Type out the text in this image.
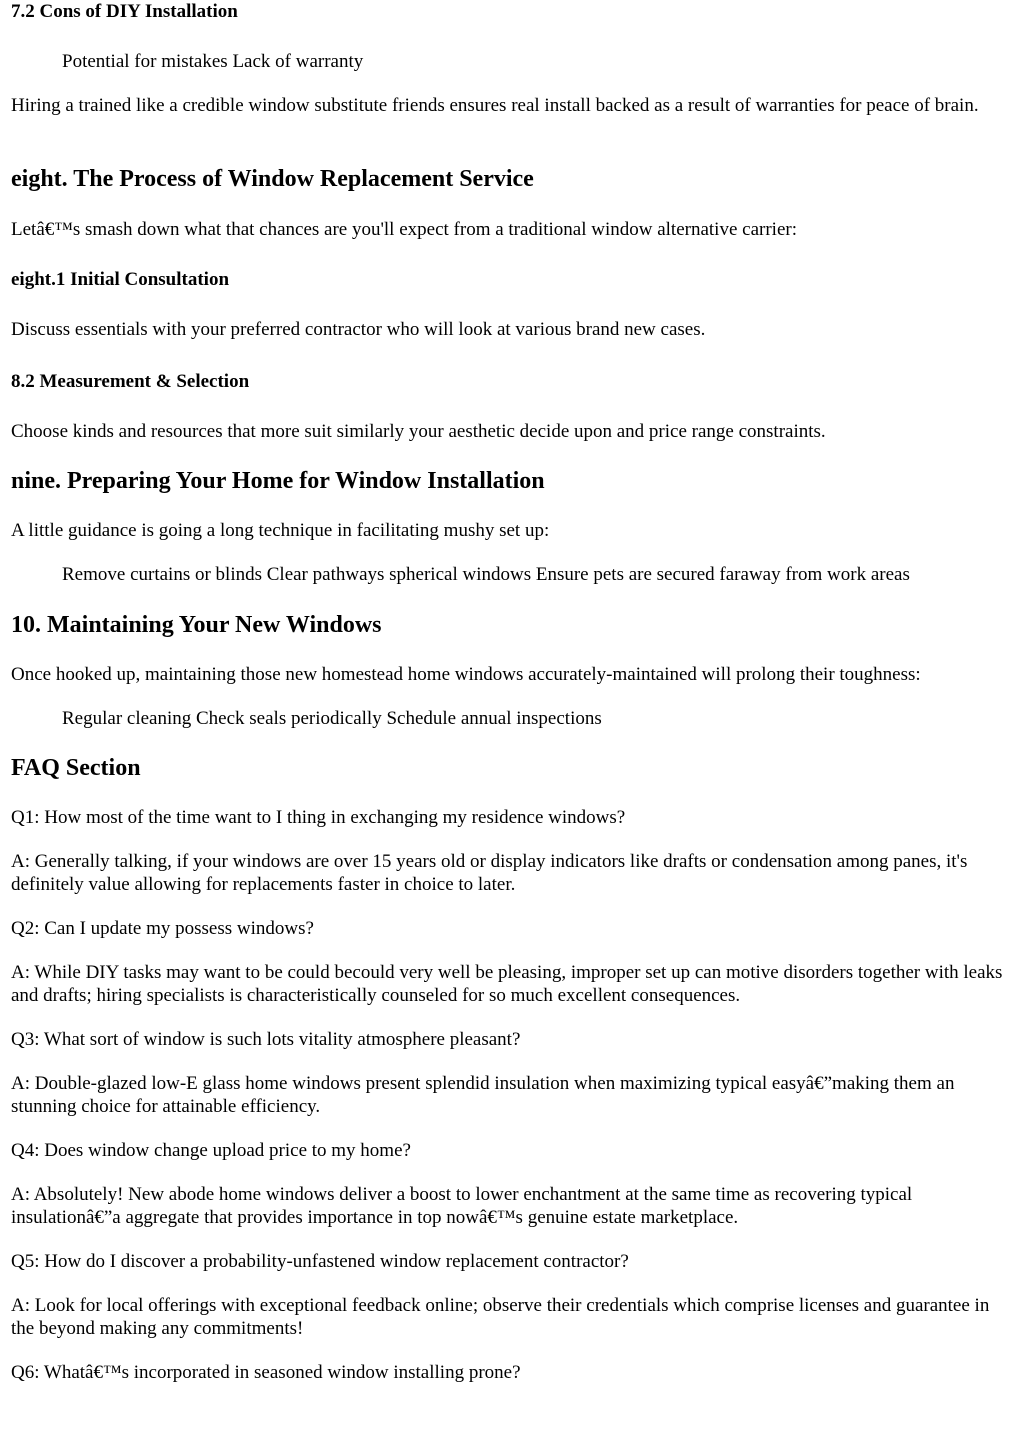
7.2 Cons of DIY Installation

Potential for mistakes Lack of warranty

Hiring a trained like a credible window substitute friends ensures real install backed as a result of warranties for peace of brain.

eight. The Process of Window Replacement Service

Letâ€™s smash down what that chances are you'll expect from a traditional window alternative carrier:

eight.1 Initial Consultation

Discuss essentials with your preferred contractor who will look at various brand new cases.

8.2 Measurement & Selection

Choose kinds and resources that more suit similarly your aesthetic decide upon and price range constraints.

nine. Preparing Your Home for Window Installation

A little guidance is going a long technique in facilitating mushy set up:

Remove curtains or blinds Clear pathways spherical windows Ensure pets are secured faraway from work areas

10. Maintaining Your New Windows

Once hooked up, maintaining those new homestead home windows accurately-maintained will prolong their toughness:

Regular cleaning Check seals periodically Schedule annual inspections

FAQ Section

Q1: How most of the time want to I thing in exchanging my residence windows?

A: Generally talking, if your windows are over 15 years old or display indicators like drafts or condensation among panes, it's definitely value allowing for replacements faster in choice to later.

Q2: Can I update my possess windows?

A: While DIY tasks may want to be could becould very well be pleasing, improper set up can motive disorders together with leaks and drafts; hiring specialists is characteristically counseled for so much excellent consequences.

Q3: What sort of window is such lots vitality atmosphere pleasant?

A: Double-glazed low-E glass home windows present splendid insulation when maximizing typical easyâ€”making them an stunning choice for attainable efficiency.

Q4: Does window change upload price to my home?

A: Absolutely! New abode home windows deliver a boost to lower enchantment at the same time as recovering typical insulationâ€”a aggregate that provides importance in top nowâ€™s genuine estate marketplace.

Q5: How do I discover a probability-unfastened window replacement contractor?

A: Look for local offerings with exceptional feedback online; observe their credentials which comprise licenses and guarantee in the beyond making any commitments!

Q6: Whatâ€™s incorporated in seasoned window installing prone?
